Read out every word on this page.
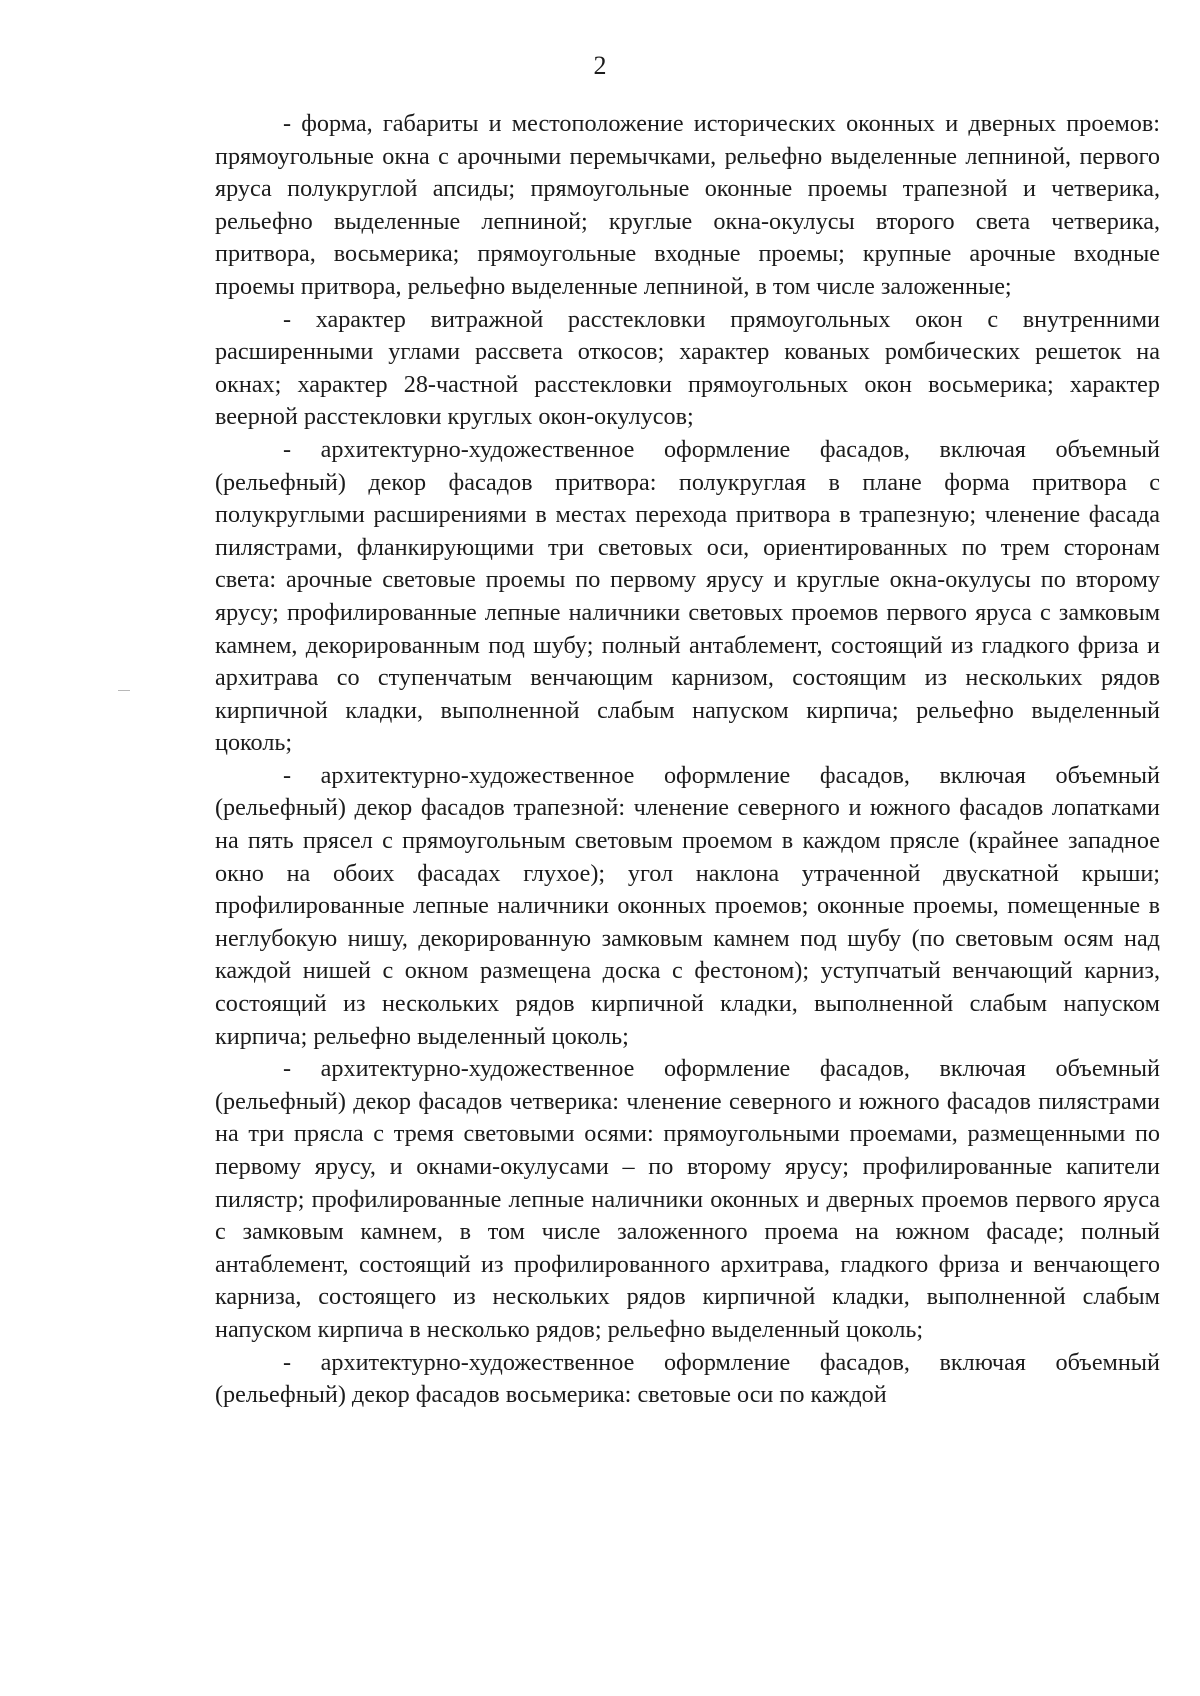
2

- форма, габариты и местоположение исторических оконных и дверных проемов: прямоугольные окна с арочными перемычками, рельефно выделенные лепниной, первого яруса полукруглой апсиды; прямоугольные оконные проемы трапезной и четверика, рельефно выделенные лепниной; круглые окна-окулусы второго света четверика, притвора, восьмерика; прямоугольные входные проемы; крупные арочные входные проемы притвора, рельефно выделенные лепниной, в том числе заложенные;

- характер витражной расстекловки прямоугольных окон с внутренними расширенными углами рассвета откосов; характер кованых ромбических решеток на окнах; характер 28-частной расстекловки прямоугольных окон восьмерика; характер веерной расстекловки круглых окон-окулусов;

- архитектурно-художественное оформление фасадов, включая объемный (рельефный) декор фасадов притвора: полукруглая в плане форма притвора с полукруглыми расширениями в местах перехода притвора в трапезную; членение фасада пилястрами, фланкирующими три световых оси, ориентированных по трем сторонам света: арочные световые проемы по первому ярусу и круглые окна-окулусы по второму ярусу; профилированные лепные наличники световых проемов первого яруса с замковым камнем, декорированным под шубу; полный антаблемент, состоящий из гладкого фриза и архитрава со ступенчатым венчающим карнизом, состоящим из нескольких рядов кирпичной кладки, выполненной слабым напуском кирпича; рельефно выделенный цоколь;

- архитектурно-художественное оформление фасадов, включая объемный (рельефный) декор фасадов трапезной: членение северного и южного фасадов лопатками на пять прясел с прямоугольным световым проемом в каждом прясле (крайнее западное окно на обоих фасадах глухое); угол наклона утраченной двускатной крыши; профилированные лепные наличники оконных проемов; оконные проемы, помещенные в неглубокую нишу, декорированную замковым камнем под шубу (по световым осям над каждой нишей с окном размещена доска с фестоном); уступчатый венчающий карниз, состоящий из нескольких рядов кирпичной кладки, выполненной слабым напуском кирпича; рельефно выделенный цоколь;

- архитектурно-художественное оформление фасадов, включая объемный (рельефный) декор фасадов четверика: членение северного и южного фасадов пилястрами на три прясла с тремя световыми осями: прямоугольными проемами, размещенными по первому ярусу, и окнами-окулусами – по второму ярусу; профилированные капители пилястр; профилированные лепные наличники оконных и дверных проемов первого яруса с замковым камнем, в том числе заложенного проема на южном фасаде; полный антаблемент, состоящий из профилированного архитрава, гладкого фриза и венчающего карниза, состоящего из нескольких рядов кирпичной кладки, выполненной слабым напуском кирпича в несколько рядов; рельефно выделенный цоколь;

- архитектурно-художественное оформление фасадов, включая объемный (рельефный) декор фасадов восьмерика: световые оси по каждой
